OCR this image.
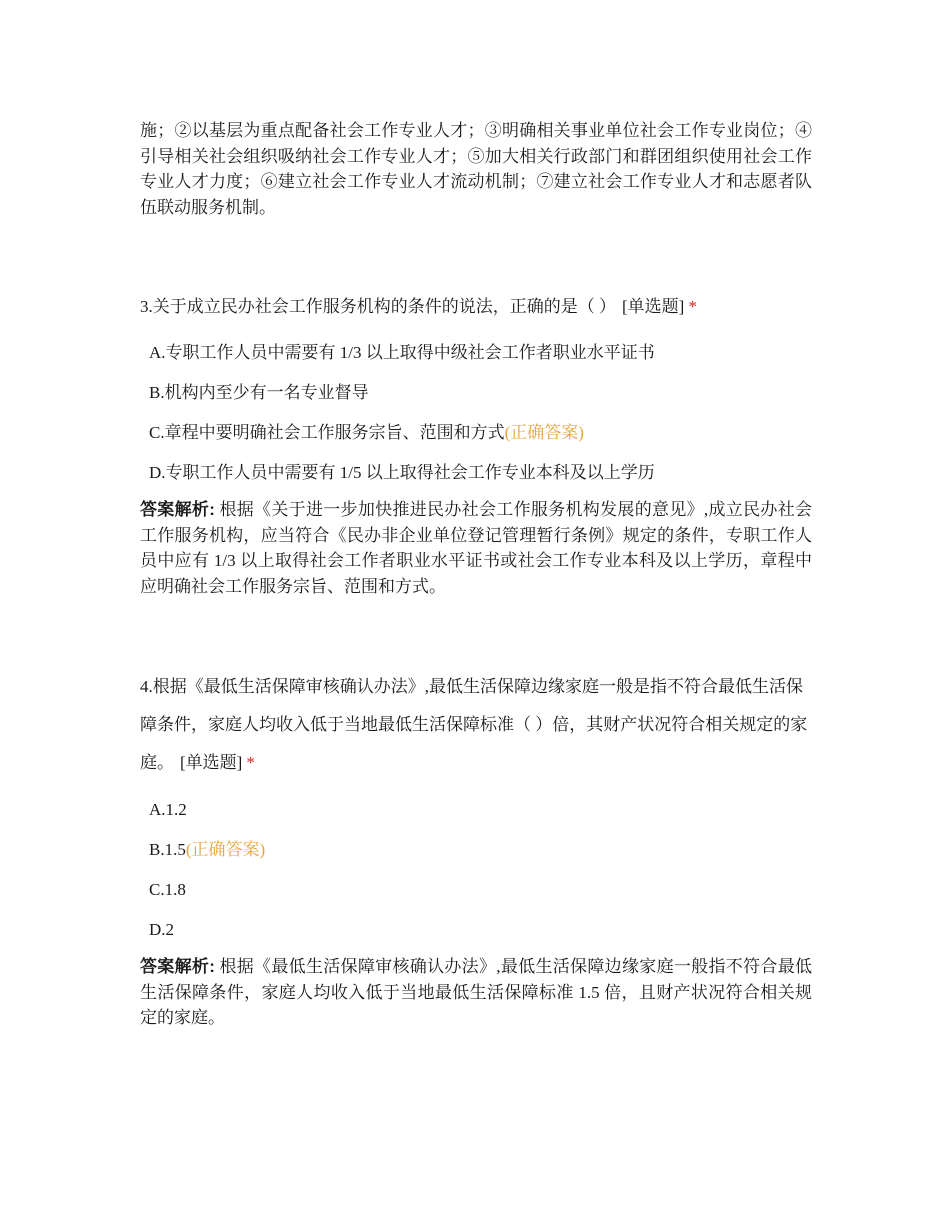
施；②以基层为重点配备社会工作专业人才；③明确相关事业单位社会工作专业岗位；④引导相关社会组织吸纳社会工作专业人才；⑤加大相关行政部门和群团组织使用社会工作专业人才力度；⑥建立社会工作专业人才流动机制；⑦建立社会工作专业人才和志愿者队伍联动服务机制。

3.关于成立民办社会工作服务机构的条件的说法，正确的是（ ） [单选题] *

A.专职工作人员中需要有 1/3 以上取得中级社会工作者职业水平证书
B.机构内至少有一名专业督导
C.章程中要明确社会工作服务宗旨、范围和方式(正确答案)
D.专职工作人员中需要有 1/5 以上取得社会工作专业本科及以上学历

答案解析: 根据《关于进一步加快推进民办社会工作服务机构发展的意见》,成立民办社会工作服务机构，应当符合《民办非企业单位登记管理暂行条例》规定的条件，专职工作人员中应有 1/3 以上取得社会工作者职业水平证书或社会工作专业本科及以上学历，章程中应明确社会工作服务宗旨、范围和方式。

4.根据《最低生活保障审核确认办法》,最低生活保障边缘家庭一般是指不符合最低生活保障条件，家庭人均收入低于当地最低生活保障标准（ ）倍，其财产状况符合相关规定的家庭。 [单选题] *

A.1.2
B.1.5(正确答案)
C.1.8
D.2

答案解析: 根据《最低生活保障审核确认办法》,最低生活保障边缘家庭一般指不符合最低生活保障条件，家庭人均收入低于当地最低生活保障标准 1.5 倍，且财产状况符合相关规定的家庭。
